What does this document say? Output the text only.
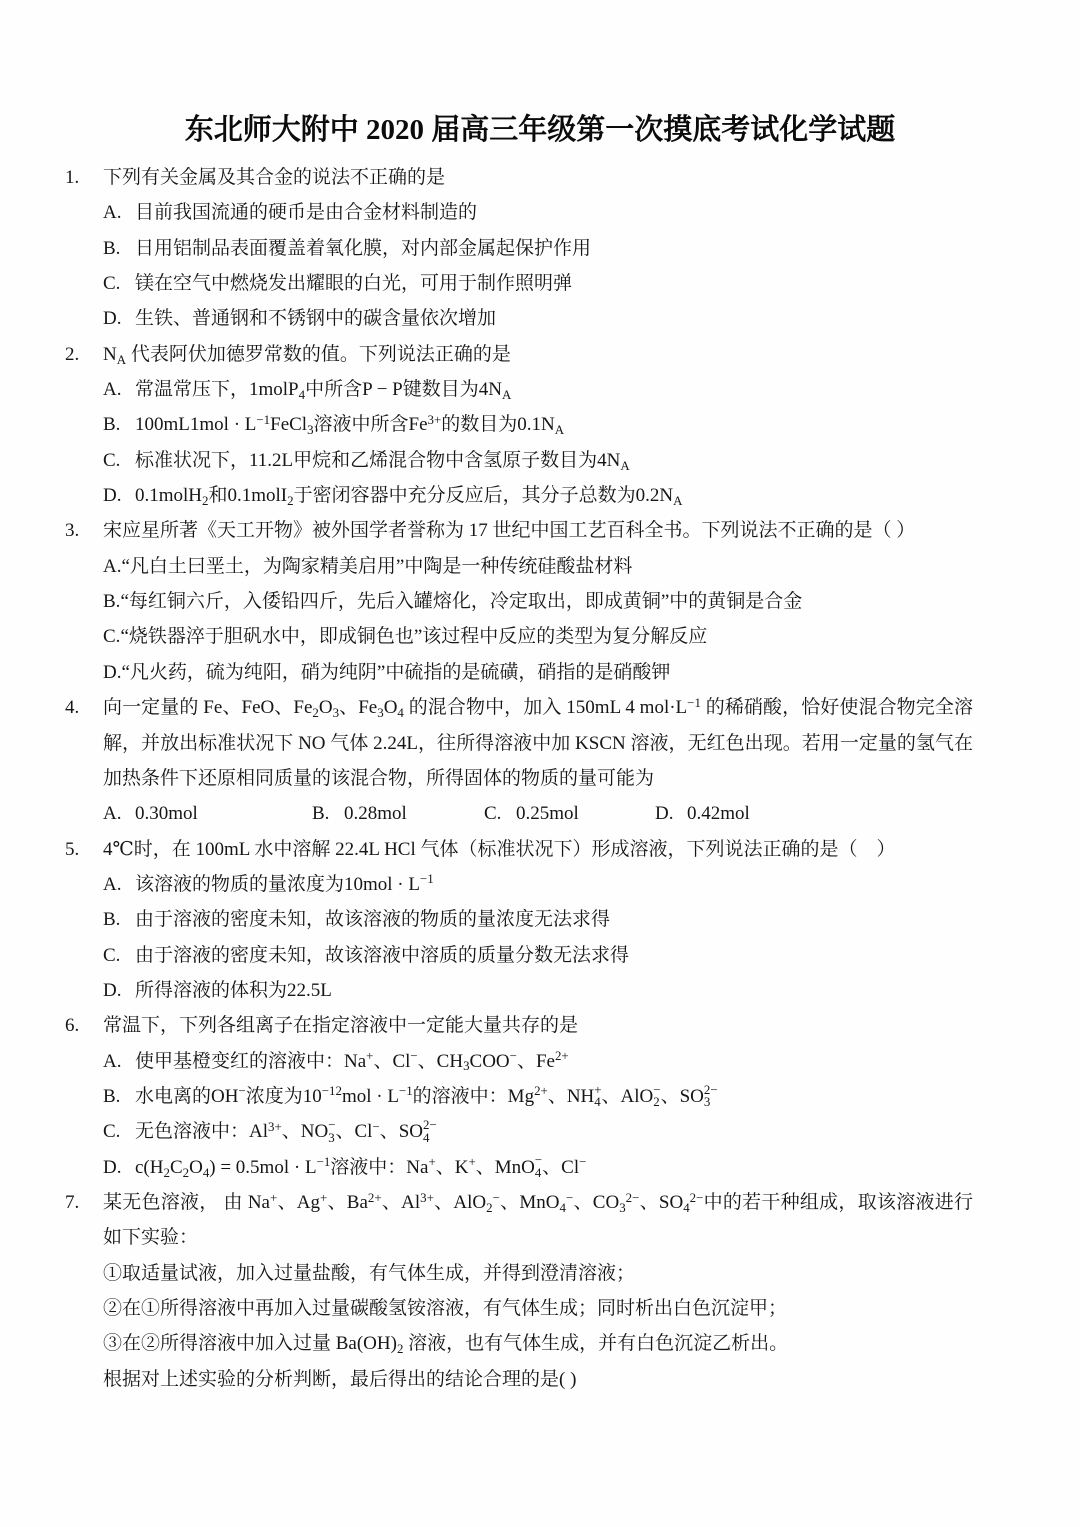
东北师大附中 2020 届高三年级第一次摸底考试化学试题
1. 下列有关金属及其合金的说法不正确的是
A. 目前我国流通的硬币是由合金材料制造的
B. 日用铝制品表面覆盖着氧化膜，对内部金属起保护作用
C. 镁在空气中燃烧发出耀眼的白光，可用于制作照明弹
D. 生铁、普通钢和不锈钢中的碳含量依次增加
2. $N_A$ 代表阿伏加德罗常数的值。下列说法正确的是
A. 常温常压下，1molP$_4$中所含P − P键数目为$4N_A$
B. $100mL1mol \cdot L^{-1}FeCl_3$溶液中所含$Fe^{3+}$的数目为$0.1N_A$
C. 标准状况下，11.2L甲烷和乙烯混合物中含氢原子数目为$4N_A$
D. 0.1molH$_2$和0.1molI$_2$于密闭容器中充分反应后，其分子总数为$0.2N_A$
3. 宋应星所著《天工开物》被外国学者誉称为 17 世纪中国工艺百科全书。下列说法不正确的是（ ）
A.“凡白土曰垩土，为陶家精美启用”中陶是一种传统硅酸盐材料
B.“每红铜六斤，入倭铅四斤，先后入罐熔化，冷定取出，即成黄铜”中的黄铜是合金
C.“烧铁器淬于胆矾水中，即成铜色也”该过程中反应的类型为复分解反应
D.“凡火药，硫为纯阳，硝为纯阴”中硫指的是硫磺，硝指的是硝酸钾
4. 向一定量的 Fe、FeO、$Fe_2O_3$、$Fe_3O_4$ 的混合物中，加入 150mL 4 $mol\cdot L^{-1}$ 的稀硝酸，恰好使混合物完全溶
解，并放出标准状况下 NO 气体 2.24L，往所得溶液中加 KSCN 溶液，无红色出现。若用一定量的氢气在
加热条件下还原相同质量的该混合物，所得固体的物质的量可能为
A. 0.30mol	B. 0.28mol	C. 0.25mol	D. 0.42mol
5. 4℃时，在 100mL 水中溶解 22.4L HCl 气体（标准状况下）形成溶液，下列说法正确的是（　）
A. 该溶液的物质的量浓度为$10mol \cdot L^{-1}$
B. 由于溶液的密度未知，故该溶液的物质的量浓度无法求得
C. 由于溶液的密度未知，故该溶液中溶质的质量分数无法求得
D. 所得溶液的体积为22.5L
6. 常温下，下列各组离子在指定溶液中一定能大量共存的是
A. 使甲基橙变红的溶液中：Na+、Cl−、$CH_3COO^-$、$Fe^{2+}$
B. 水电离的OH−浓度为$10^{-12}mol \cdot L^{-1}$的溶液中：$Mg^{2+}$、NH +
4 、AlO −
2 、SO 2−
3
C. 无色溶液中：$Al^{3+}$、NO −
3 、Cl−、SO 2−
4
D. $c(H_2C_2O_4) = 0.5mol \cdot L^{-1}$溶液中：Na+、K+、MnO −
4 、Cl−
7. 某无色溶液， 由 Na+、Ag+、$Ba^{2+}$、$Al^{3+}$、AlO$_2$−、MnO$_4$−、$CO_3^{2-}$、$SO_4^{2-}$中的若干种组成，取该溶液进行
如下实验：
①取适量试液，加入过量盐酸，有气体生成，并得到澄清溶液；
②在①所得溶液中再加入过量碳酸氢铵溶液，有气体生成；同时析出白色沉淀甲；
③在②所得溶液中加入过量 $Ba(OH)_2$ 溶液，也有气体生成，并有白色沉淀乙析出。
根据对上述实验的分析判断，最后得出的结论合理的是( )
